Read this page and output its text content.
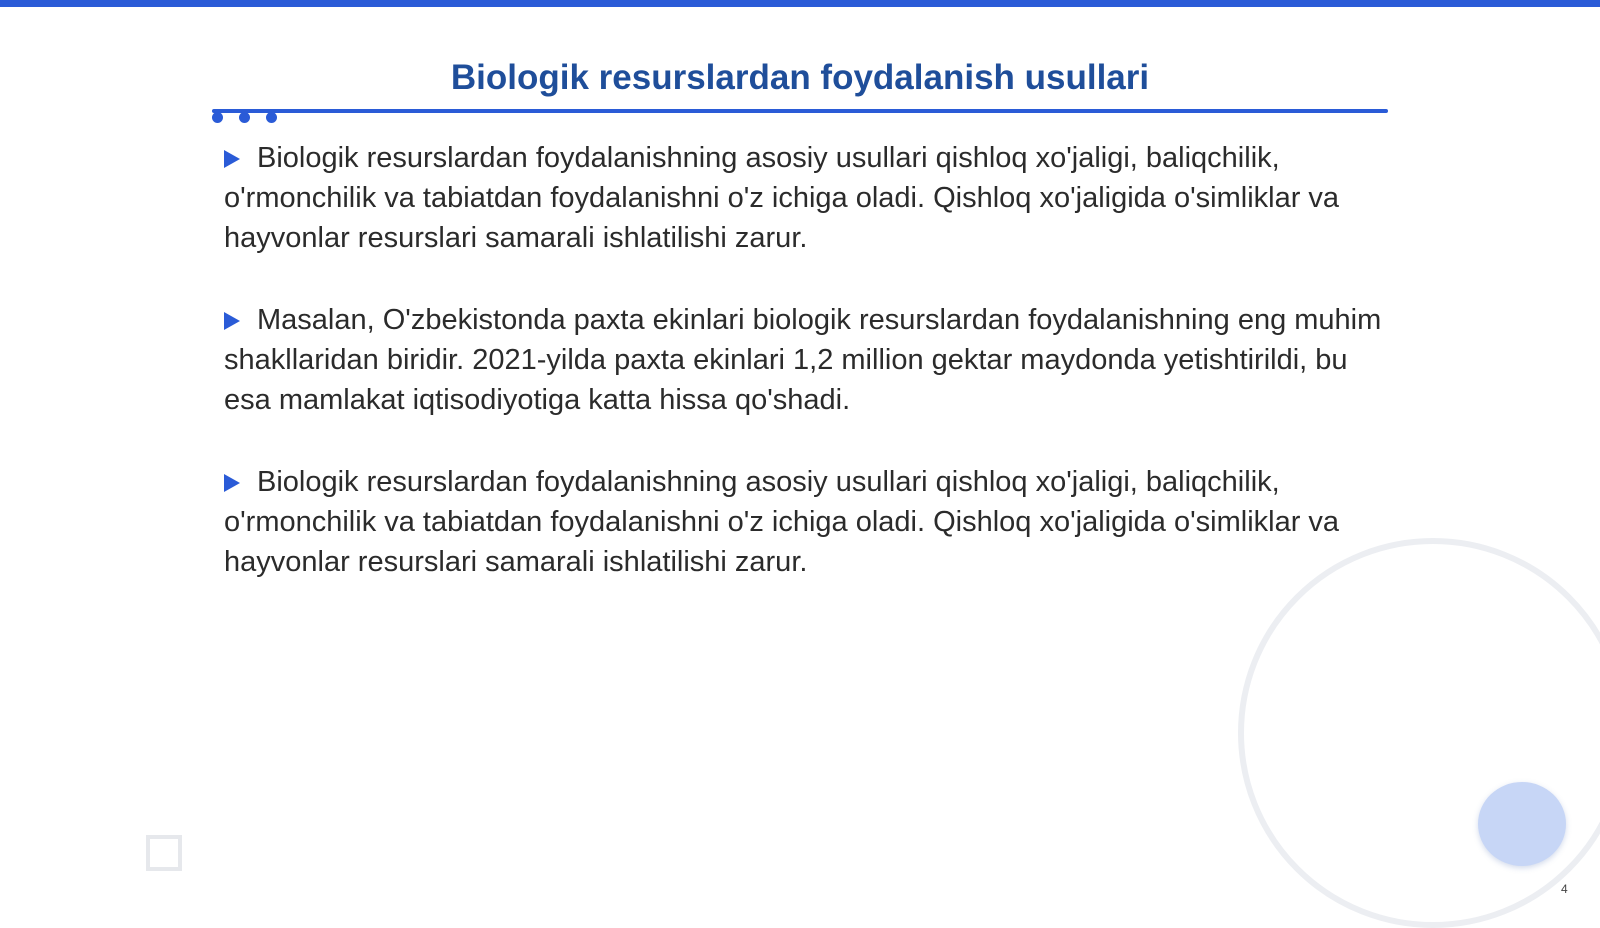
Biologik resurslardan foydalanish usullari
Biologik resurslardan foydalanishning asosiy usullari qishloq xo'jaligi, baliqchilik, o'rmonchilik va tabiatdan foydalanishni o'z ichiga oladi. Qishloq xo'jaligida o'simliklar va hayvonlar resurslari samarali ishlatilishi zarur.
Masalan, O'zbekistonda paxta ekinlari biologik resurslardan foydalanishning eng muhim shakllaridan biridir. 2021-yilda paxta ekinlari 1,2 million gektar maydonda yetishtirildi, bu esa mamlakat iqtisodiyotiga katta hissa qo'shadi.
Biologik resurslardan foydalanishning asosiy usullari qishloq xo'jaligi, baliqchilik, o'rmonchilik va tabiatdan foydalanishni o'z ichiga oladi. Qishloq xo'jaligida o'simliklar va hayvonlar resurslari samarali ishlatilishi zarur.
4
